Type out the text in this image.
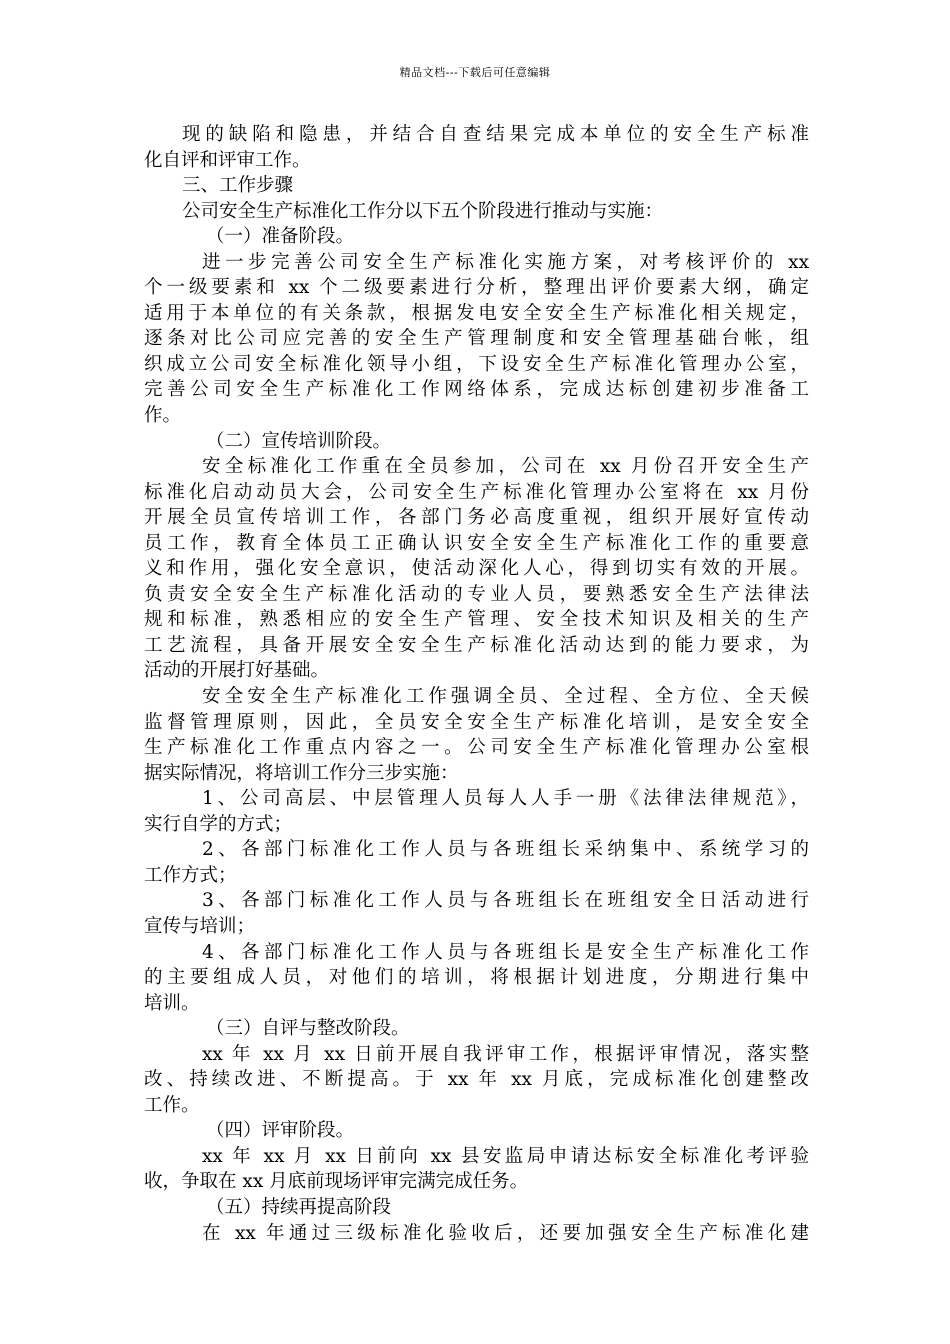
精品文档---下载后可任意编辑
现的缺陷和隐患，并结合自查结果完成本单位的安全生产标准
化自评和评审工作。
三、工作步骤
公司安全生产标准化工作分以下五个阶段进行推动与实施：
（一）准备阶段。
进一步完善公司安全生产标准化实施方案，对考核评价的 xx
个一级要素和 xx 个二级要素进行分析，整理出评价要素大纲，确定
适用于本单位的有关条款，根据发电安全安全生产标准化相关规定，
逐条对比公司应完善的安全生产管理制度和安全管理基础台帐，组
织成立公司安全标准化领导小组，下设安全生产标准化管理办公室，
完善公司安全生产标准化工作网络体系，完成达标创建初步准备工
作。
（二）宣传培训阶段。
安全标准化工作重在全员参加，公司在 xx 月份召开安全生产
标准化启动动员大会，公司安全生产标准化管理办公室将在 xx 月份
开展全员宣传培训工作，各部门务必高度重视，组织开展好宣传动
员工作，教育全体员工正确认识安全安全生产标准化工作的重要意
义和作用，强化安全意识，使活动深化人心，得到切实有效的开展。
负责安全安全生产标准化活动的专业人员，要熟悉安全生产法律法
规和标准，熟悉相应的安全生产管理、安全技术知识及相关的生产
工艺流程，具备开展安全安全生产标准化活动达到的能力要求，为
活动的开展打好基础。
安全安全生产标准化工作强调全员、全过程、全方位、全天候
监督管理原则，因此，全员安全安全生产标准化培训，是安全安全
生产标准化工作重点内容之一。公司安全生产标准化管理办公室根
据实际情况，将培训工作分三步实施：
1、公司高层、中层管理人员每人人手一册《法律法律规范》，
实行自学的方式；
2、各部门标准化工作人员与各班组长采纳集中、系统学习的
工作方式；
3、各部门标准化工作人员与各班组长在班组安全日活动进行
宣传与培训；
4、各部门标准化工作人员与各班组长是安全生产标准化工作
的主要组成人员，对他们的培训，将根据计划进度，分期进行集中
培训。
（三）自评与整改阶段。
xx 年 xx 月 xx 日前开展自我评审工作，根据评审情况，落实整
改、持续改进、不断提高。于 xx 年 xx 月底，完成标准化创建整改
工作。
（四）评审阶段。
xx 年 xx 月 xx 日前向 xx 县安监局申请达标安全标准化考评验
收，争取在 xx 月底前现场评审完满完成任务。
（五）持续再提高阶段
在 xx 年通过三级标准化验收后，还要加强安全生产标准化建
